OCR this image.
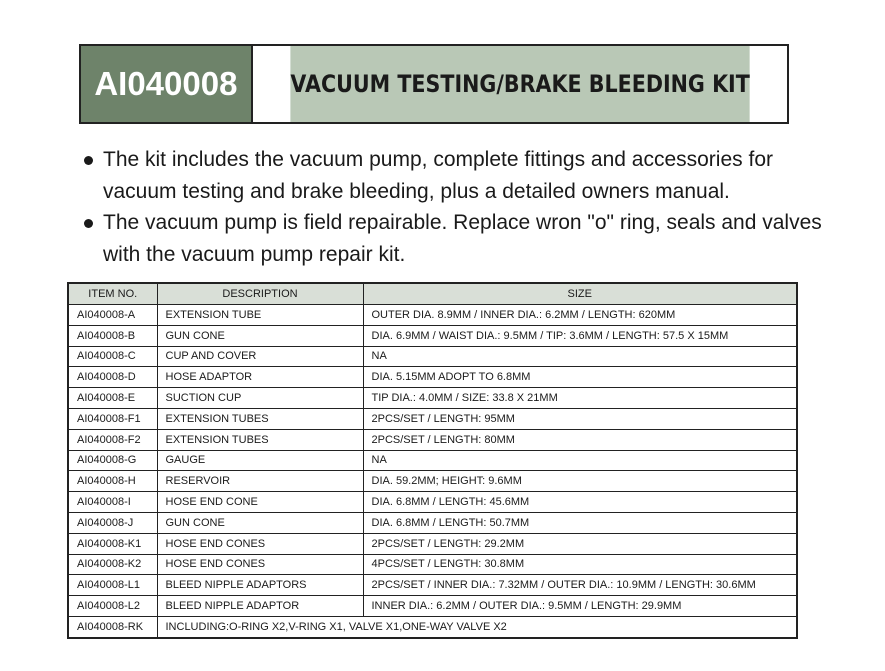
AI040008	VACUUM TESTING/BRAKE BLEEDING KIT
The kit includes the vacuum pump, complete fittings and accessories for vacuum testing and brake bleeding, plus a detailed owners manual.
The vacuum pump is field repairable. Replace wron "o" ring, seals and valves with the vacuum pump repair kit.
ITEM NO.	DESCRIPTION	SIZE
AI040008-A	EXTENSION TUBE	OUTER DIA. 8.9MM / INNER DIA.: 6.2MM / LENGTH: 620MM
AI040008-B	GUN CONE	DIA. 6.9MM / WAIST DIA.: 9.5MM / TIP: 3.6MM / LENGTH: 57.5 X 15MM
AI040008-C	CUP AND COVER	NA
AI040008-D	HOSE ADAPTOR	DIA. 5.15MM ADOPT TO 6.8MM
AI040008-E	SUCTION CUP	TIP DIA.: 4.0MM / SIZE: 33.8 X 21MM
AI040008-F1	EXTENSION TUBES	2PCS/SET / LENGTH: 95MM
AI040008-F2	EXTENSION TUBES	2PCS/SET / LENGTH: 80MM
AI040008-G	GAUGE	NA
AI040008-H	RESERVOIR	DIA. 59.2MM; HEIGHT: 9.6MM
AI040008-I	HOSE END CONE	DIA. 6.8MM / LENGTH: 45.6MM
AI040008-J	GUN CONE	DIA. 6.8MM / LENGTH: 50.7MM
AI040008-K1	HOSE END CONES	2PCS/SET / LENGTH: 29.2MM
AI040008-K2	HOSE END CONES	4PCS/SET / LENGTH: 30.8MM
AI040008-L1	BLEED NIPPLE ADAPTORS	2PCS/SET / INNER DIA.: 7.32MM / OUTER DIA.: 10.9MM / LENGTH: 30.6MM
AI040008-L2	BLEED NIPPLE ADAPTOR	INNER DIA.: 6.2MM / OUTER DIA.: 9.5MM / LENGTH: 29.9MM
AI040008-RK	INCLUDING:O-RING X2,V-RING X1, VALVE X1,ONE-WAY VALVE X2	
